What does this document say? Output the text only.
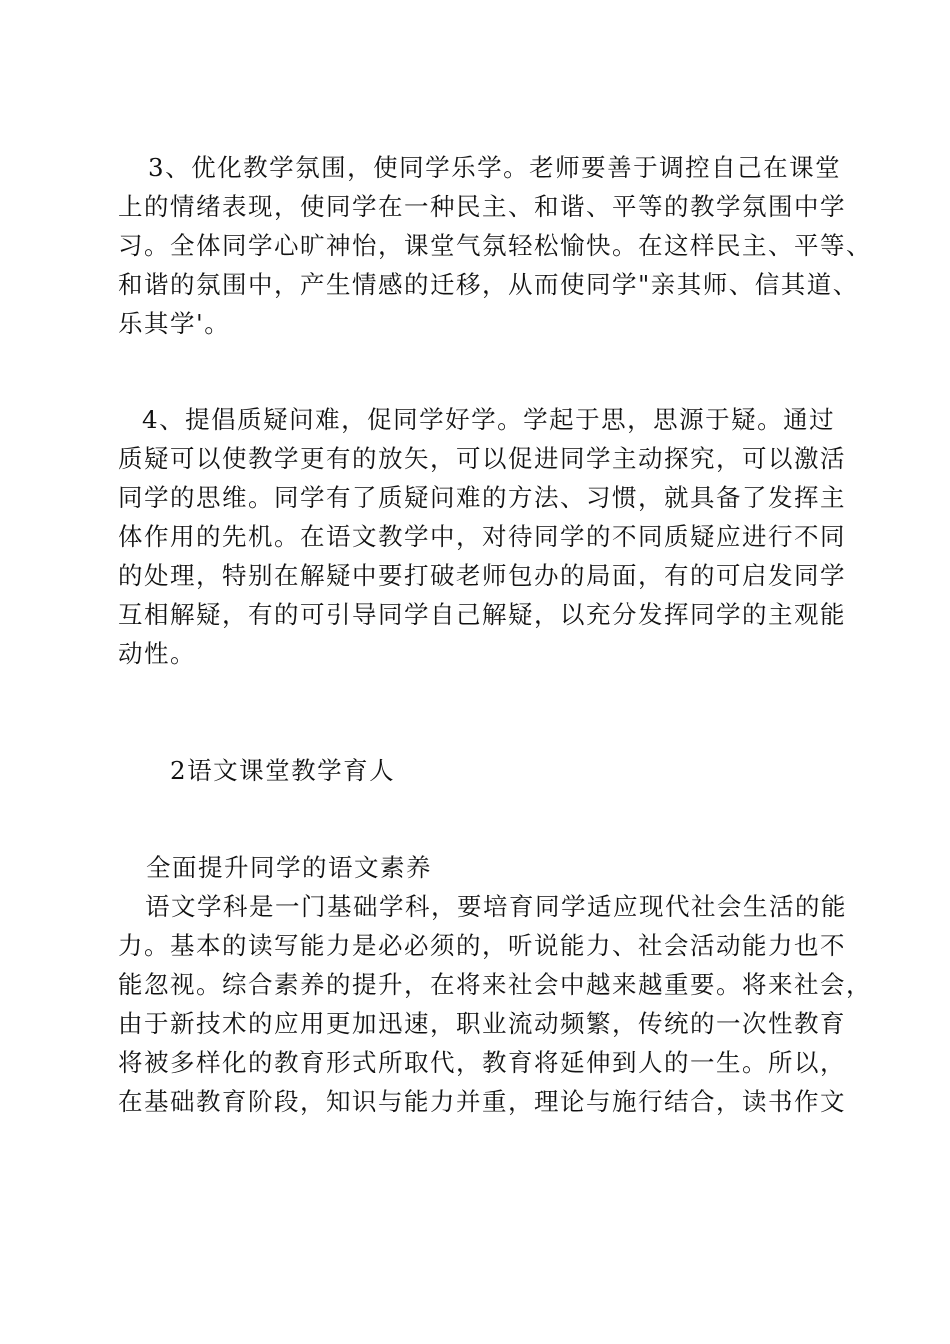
3、优化教学氛围，使同学乐学。老师要善于调控自己在课堂
上的情绪表现，使同学在一种民主、和谐、平等的教学氛围中学
习。全体同学心旷神怡，课堂气氛轻松愉快。在这样民主、平等、
和谐的氛围中，产生情感的迁移，从而使同学"亲其师、信其道、
乐其学'。
4、提倡质疑问难，促同学好学。学起于思，思源于疑。通过
质疑可以使教学更有的放矢，可以促进同学主动探究，可以激活
同学的思维。同学有了质疑问难的方法、习惯，就具备了发挥主
体作用的先机。在语文教学中，对待同学的不同质疑应进行不同
的处理，特别在解疑中要打破老师包办的局面，有的可启发同学
互相解疑，有的可引导同学自己解疑，以充分发挥同学的主观能
动性。
2语文课堂教学育人
全面提升同学的语文素养
语文学科是一门基础学科，要培育同学适应现代社会生活的能
力。基本的读写能力是必必须的，听说能力、社会活动能力也不
能忽视。综合素养的提升，在将来社会中越来越重要。将来社会，
由于新技术的应用更加迅速，职业流动频繁，传统的一次性教育
将被多样化的教育形式所取代，教育将延伸到人的一生。所以，
在基础教育阶段，知识与能力并重，理论与施行结合，读书作文
